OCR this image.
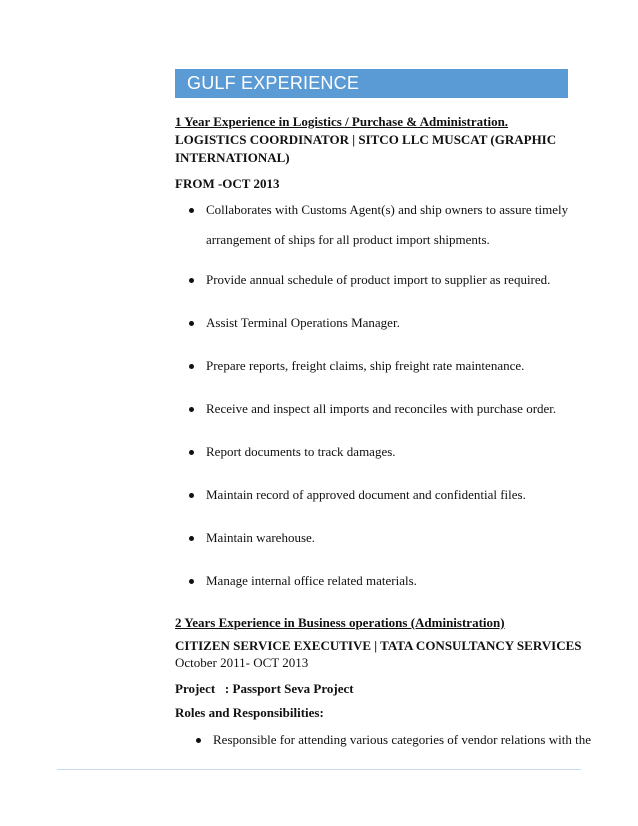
GULF EXPERIENCE
1 Year Experience in Logistics / Purchase & Administration.
LOGISTICS COORDINATOR | SITCO LLC MUSCAT (GRAPHIC
INTERNATIONAL)
FROM -OCT 2013
Collaborates with Customs Agent(s) and ship owners to assure timely
arrangement of ships for all product import shipments.
Provide annual schedule of product import to supplier as required.
Assist Terminal Operations Manager.
Prepare reports, freight claims, ship freight rate maintenance.
Receive and inspect all imports and reconciles with purchase order.
Report documents to track damages.
Maintain record of approved document and confidential files.
Maintain warehouse.
Manage internal office related materials.
2 Years Experience in Business operations (Administration)
CITIZEN SERVICE EXECUTIVE | TATA CONSULTANCY SERVICES
October 2011- OCT 2013
Project   : Passport Seva Project
Roles and Responsibilities:
Responsible for attending various categories of vendor relations with the
